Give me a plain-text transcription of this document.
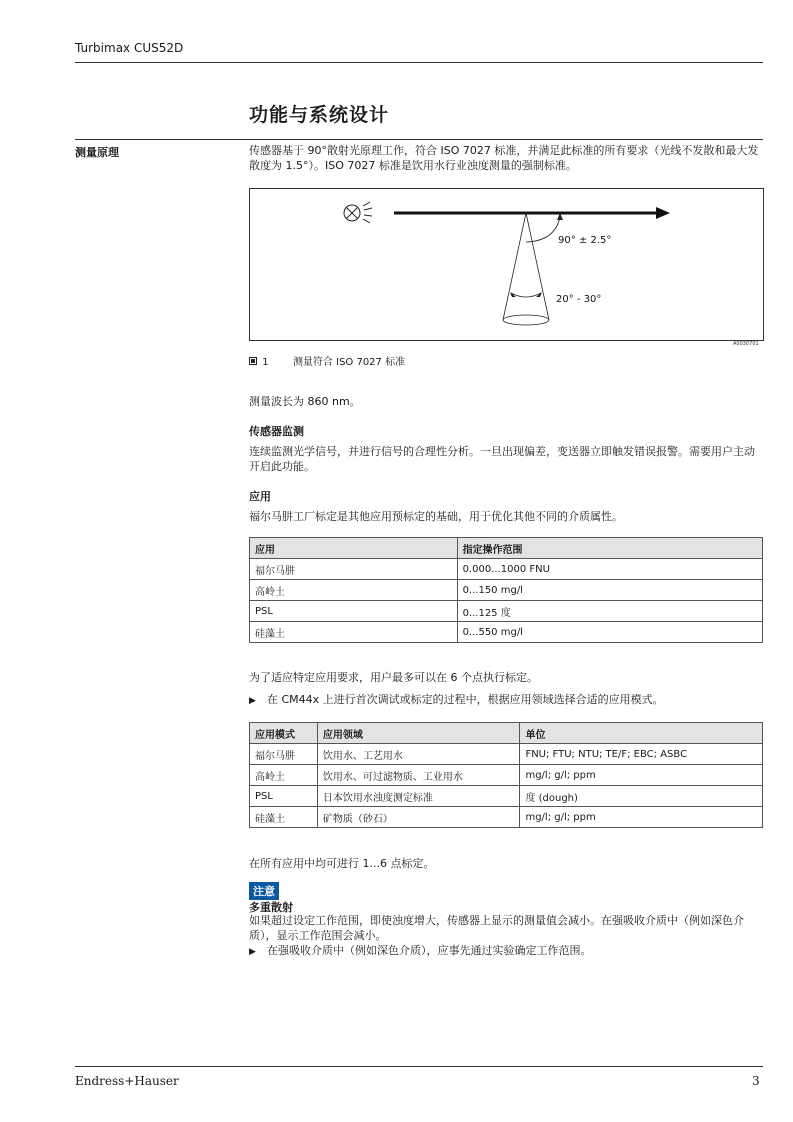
Turbimax CUS52D
功能与系统设计
测量原理	传感器基于 90°散射光原理工作，符合 ISO 7027 标准，并满足此标准的所有要求（光线不发散和最大发散度为 1.5°）。ISO 7027 标准是饮用水行业浊度测量的强制标准。
90° ± 2.5°
20° - 30°
A0030701
1 测量符合 ISO 7027 标准
测量波长为 860 nm。
传感器监测
连续监测光学信号，并进行信号的合理性分析。一旦出现偏差，变送器立即触发错误报警。需要用户主动开启此功能。
应用
福尔马肼工厂标定是其他应用预标定的基础，用于优化其他不同的介质属性。
应用	指定操作范围
福尔马肼	0.000...1000 FNU
高岭土	0...150 mg/l
PSL	0...125 度
硅藻土	0...550 mg/l
为了适应特定应用要求，用户最多可以在 6 个点执行标定。
▶ 在 CM44x 上进行首次调试或标定的过程中，根据应用领域选择合适的应用模式。
应用模式	应用领域	单位
福尔马肼	饮用水、工艺用水	FNU; FTU; NTU; TE/F; EBC; ASBC
高岭土	饮用水、可过滤物质、工业用水	mg/l; g/l; ppm
PSL	日本饮用水浊度测定标准	度 (dough)
硅藻土	矿物质（砂石）	mg/l; g/l; ppm
在所有应用中均可进行 1...6 点标定。
注意
多重散射
如果超过设定工作范围，即使浊度增大，传感器上显示的测量值会减小。在强吸收介质中（例如深色介质），显示工作范围会减小。
▶ 在强吸收介质中（例如深色介质），应事先通过实验确定工作范围。
Endress+Hauser	3
